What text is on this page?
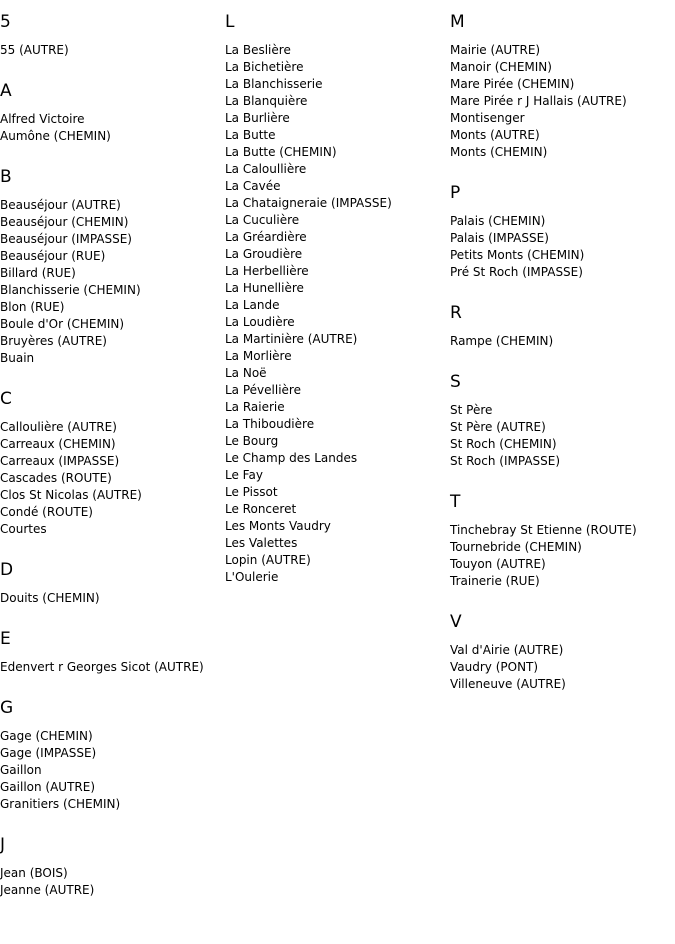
5
55 (AUTRE)
A
Alfred Victoire
Aumône (CHEMIN)
B
Beauséjour (AUTRE)
Beauséjour (CHEMIN)
Beauséjour (IMPASSE)
Beauséjour (RUE)
Billard (RUE)
Blanchisserie (CHEMIN)
Blon (RUE)
Boule d'Or (CHEMIN)
Bruyères (AUTRE)
Buain
C
Calloulière (AUTRE)
Carreaux (CHEMIN)
Carreaux (IMPASSE)
Cascades (ROUTE)
Clos St Nicolas (AUTRE)
Condé (ROUTE)
Courtes
D
Douits (CHEMIN)
E
Edenvert r Georges Sicot (AUTRE)
G
Gage (CHEMIN)
Gage (IMPASSE)
Gaillon
Gaillon (AUTRE)
Granitiers (CHEMIN)
J
Jean (BOIS)
Jeanne (AUTRE)
L
La Beslière
La Bichetière
La Blanchisserie
La Blanquière
La Burlière
La Butte
La Butte (CHEMIN)
La Caloullière
La Cavée
La Chataigneraie (IMPASSE)
La Cuculière
La Gréardière
La Groudière
La Herbellière
La Hunellière
La Lande
La Loudière
La Martinière (AUTRE)
La Morlière
La Noë
La Pévellière
La Raierie
La Thiboudière
Le Bourg
Le Champ des Landes
Le Fay
Le Pissot
Le Ronceret
Les Monts Vaudry
Les Valettes
Lopin (AUTRE)
L'Oulerie
M
Mairie (AUTRE)
Manoir (CHEMIN)
Mare Pirée (CHEMIN)
Mare Pirée r J Hallais (AUTRE)
Montisenger
Monts (AUTRE)
Monts (CHEMIN)
P
Palais (CHEMIN)
Palais (IMPASSE)
Petits Monts (CHEMIN)
Pré St Roch (IMPASSE)
R
Rampe (CHEMIN)
S
St Père
St Père (AUTRE)
St Roch (CHEMIN)
St Roch (IMPASSE)
T
Tinchebray St Etienne (ROUTE)
Tournebride (CHEMIN)
Touyon (AUTRE)
Trainerie (RUE)
V
Val d'Airie (AUTRE)
Vaudry (PONT)
Villeneuve (AUTRE)
